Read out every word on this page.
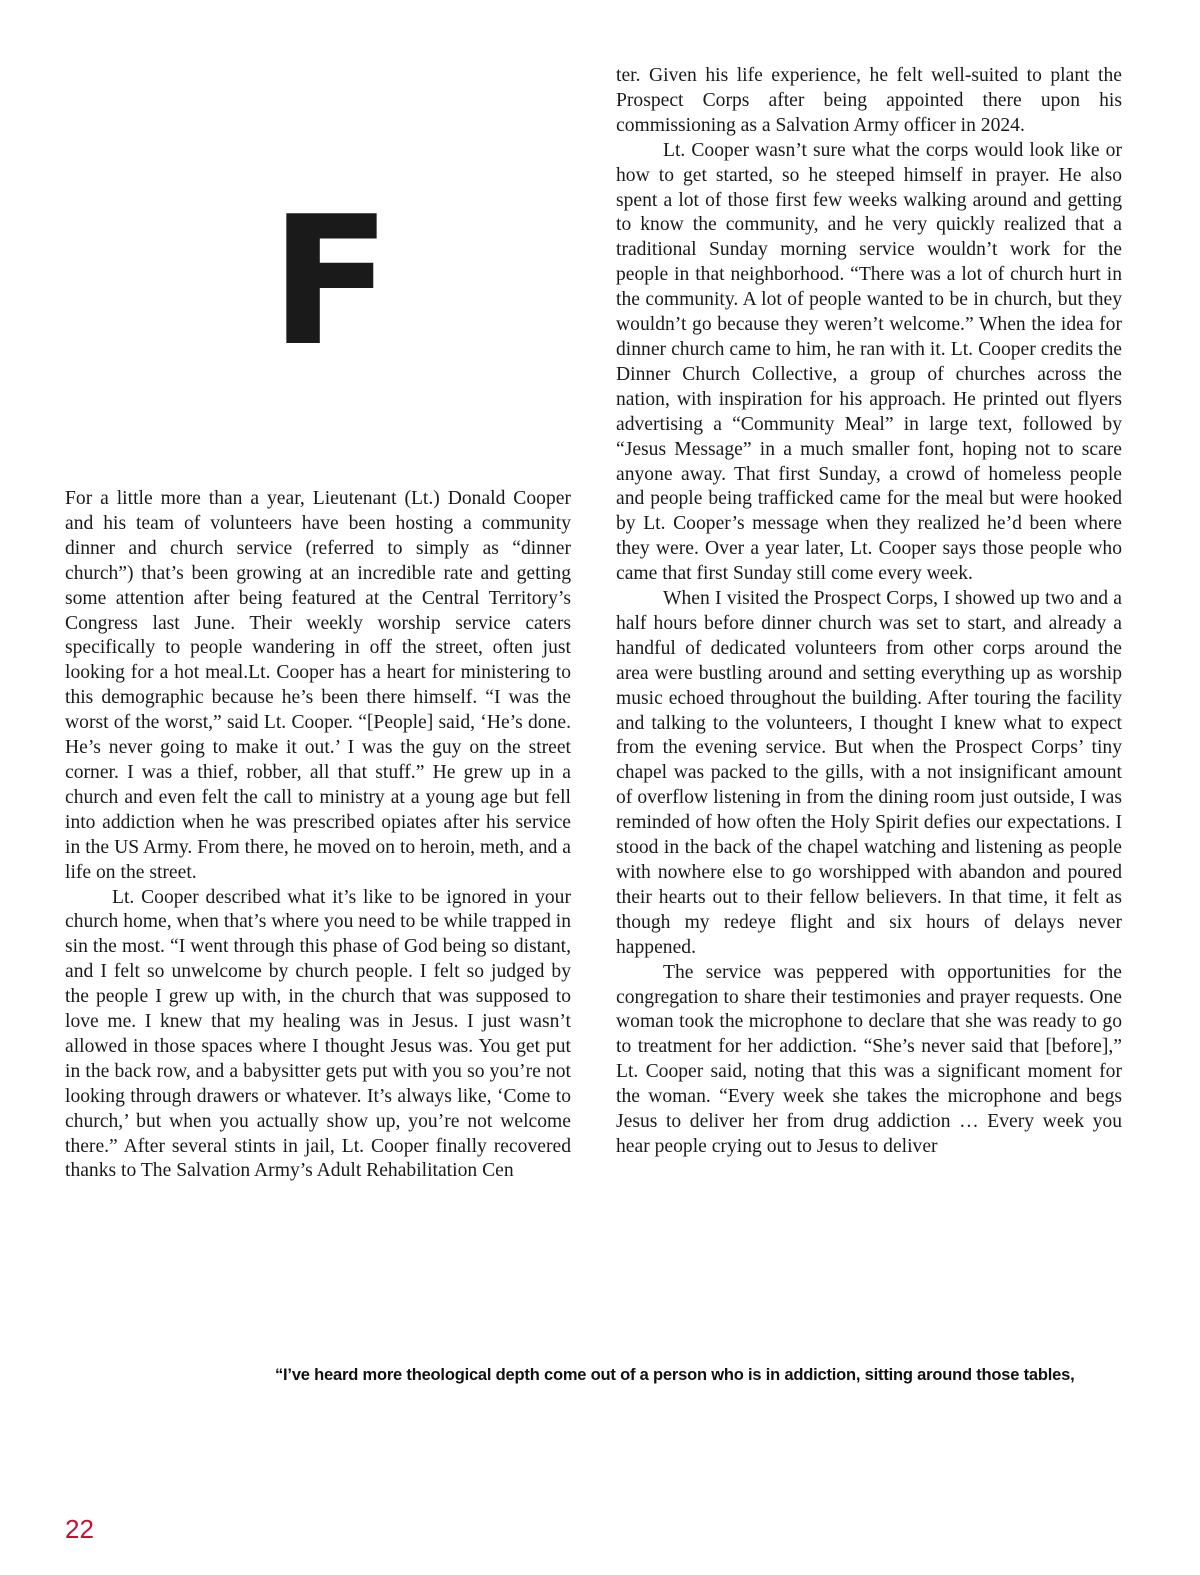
F

For a little more than a year, Lieutenant (Lt.) Donald Cooper and his team of volunteers have been hosting a community dinner and church service (referred to simply as “dinner church”) that’s been growing at an incredible rate and getting some attention after being featured at the Central Territory’s Congress last June. Their weekly worship service caters specifically to people wandering in off the street, often just looking for a hot meal.Lt. Cooper has a heart for ministering to this demographic because he’s been there himself. “I was the worst of the worst,” said Lt. Cooper. “[People] said, ‘He’s done. He’s never going to make it out.’ I was the guy on the street corner. I was a thief, robber, all that stuff.” He grew up in a church and even felt the call to ministry at a young age but fell into addiction when he was prescribed opiates after his service in the US Army. From there, he moved on to heroin, meth, and a life on the street.

Lt. Cooper described what it’s like to be ignored in your church home, when that’s where you need to be while trapped in sin the most. “I went through this phase of God being so distant, and I felt so unwelcome by church people. I felt so judged by the people I grew up with, in the church that was supposed to love me. I knew that my healing was in Jesus. I just wasn’t allowed in those spaces where I thought Jesus was. You get put in the back row, and a babysitter gets put with you so you’re not looking through drawers or whatever. It’s always like, ‘Come to church,’ but when you actually show up, you’re not welcome there.” After several stints in jail, Lt. Cooper finally recovered thanks to The Salvation Army’s Adult Rehabilitation Cen

ter. Given his life experience, he felt well-suited to plant the Prospect Corps after being appointed there upon his commissioning as a Salvation Army officer in 2024.

Lt. Cooper wasn’t sure what the corps would look like or how to get started, so he steeped himself in prayer. He also spent a lot of those first few weeks walking around and getting to know the community, and he very quickly realized that a traditional Sunday morning service wouldn’t work for the people in that neighborhood. “There was a lot of church hurt in the community. A lot of people wanted to be in church, but they wouldn’t go because they weren’t welcome.” When the idea for dinner church came to him, he ran with it. Lt. Cooper credits the Dinner Church Collective, a group of churches across the nation, with inspiration for his approach. He printed out flyers advertising a “Community Meal” in large text, followed by “Jesus Message” in a much smaller font, hoping not to scare anyone away. That first Sunday, a crowd of homeless people and people being trafficked came for the meal but were hooked by Lt. Cooper’s message when they realized he’d been where they were. Over a year later, Lt. Cooper says those people who came that first Sunday still come every week.

When I visited the Prospect Corps, I showed up two and a half hours before dinner church was set to start, and already a handful of dedicated volunteers from other corps around the area were bustling around and setting everything up as worship music echoed throughout the building. After touring the facility and talking to the volunteers, I thought I knew what to expect from the evening service. But when the Prospect Corps’ tiny chapel was packed to the gills, with a not insignificant amount of overflow listening in from the dining room just outside, I was reminded of how often the Holy Spirit defies our expectations. I stood in the back of the chapel watching and listening as people with nowhere else to go worshipped with abandon and poured their hearts out to their fellow believers. In that time, it felt as though my redeye flight and six hours of delays never happened.

The service was peppered with opportunities for the congregation to share their testimonies and prayer requests. One woman took the microphone to declare that she was ready to go to treatment for her addiction. “She’s never said that [before],” Lt. Cooper said, noting that this was a significant moment for the woman. “Every week she takes the microphone and begs Jesus to deliver her from drug addiction … Every week you hear people crying out to Jesus to deliver

“I’ve heard more theological depth come out of a person who is in addiction, sitting around those tables,
22
